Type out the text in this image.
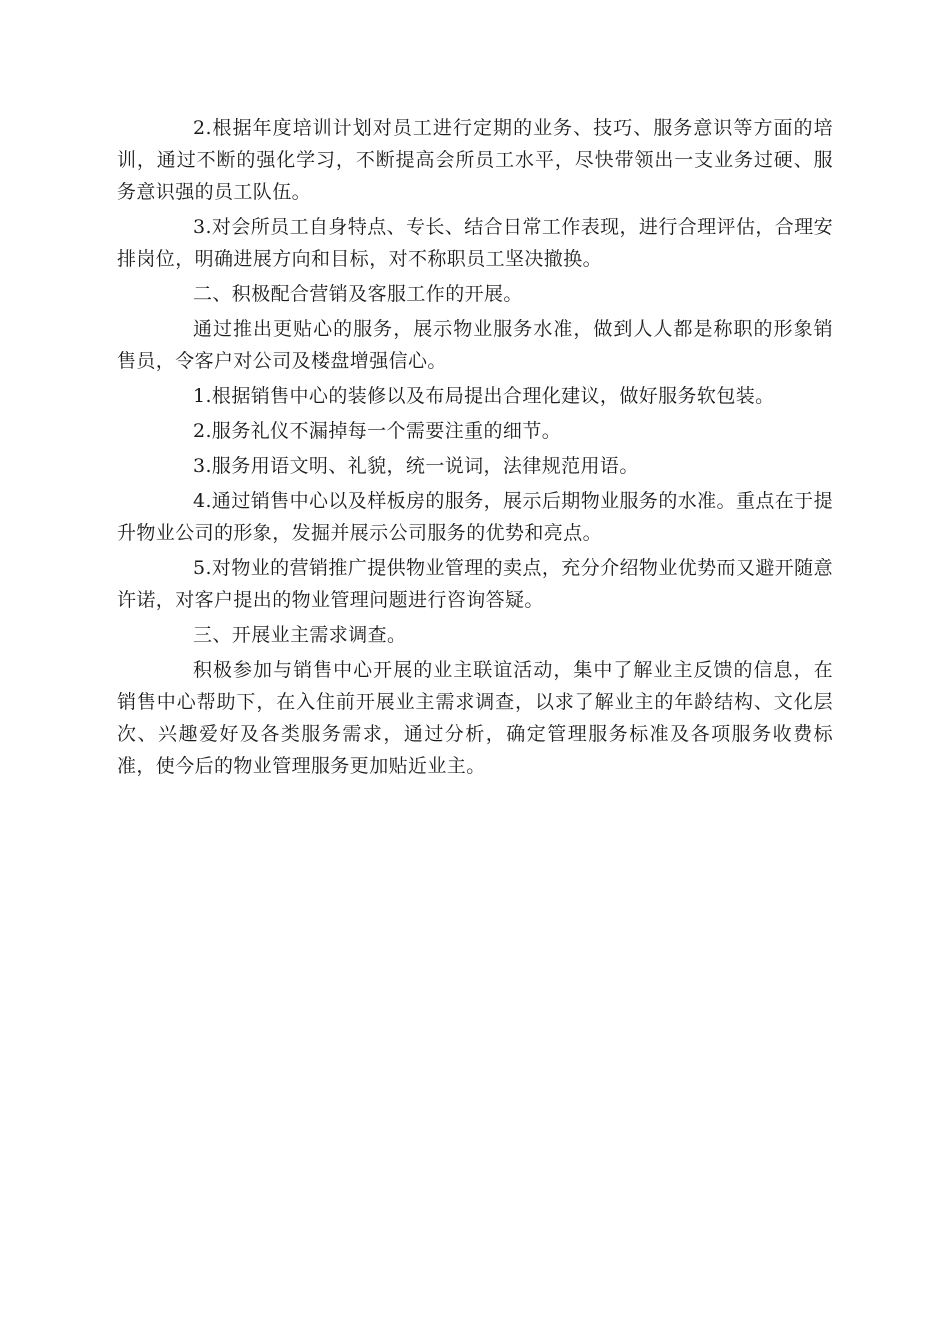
2.根据年度培训计划对员工进行定期的业务、技巧、服务意识等方面的培训，通过不断的强化学习，不断提高会所员工水平，尽快带领出一支业务过硬、服务意识强的员工队伍。

3.对会所员工自身特点、专长、结合日常工作表现，进行合理评估，合理安排岗位，明确进展方向和目标，对不称职员工坚决撤换。

二、积极配合营销及客服工作的开展。

通过推出更贴心的服务，展示物业服务水准，做到人人都是称职的形象销售员，令客户对公司及楼盘增强信心。

1.根据销售中心的装修以及布局提出合理化建议，做好服务软包装。

2.服务礼仪不漏掉每一个需要注重的细节。

3.服务用语文明、礼貌，统一说词，法律规范用语。

4.通过销售中心以及样板房的服务，展示后期物业服务的水准。重点在于提升物业公司的形象，发掘并展示公司服务的优势和亮点。

5.对物业的营销推广提供物业管理的卖点，充分介绍物业优势而又避开随意许诺，对客户提出的物业管理问题进行咨询答疑。

三、开展业主需求调查。

积极参加与销售中心开展的业主联谊活动，集中了解业主反馈的信息，在销售中心帮助下，在入住前开展业主需求调查，以求了解业主的年龄结构、文化层次、兴趣爱好及各类服务需求，通过分析，确定管理服务标准及各项服务收费标准，使今后的物业管理服务更加贴近业主。
